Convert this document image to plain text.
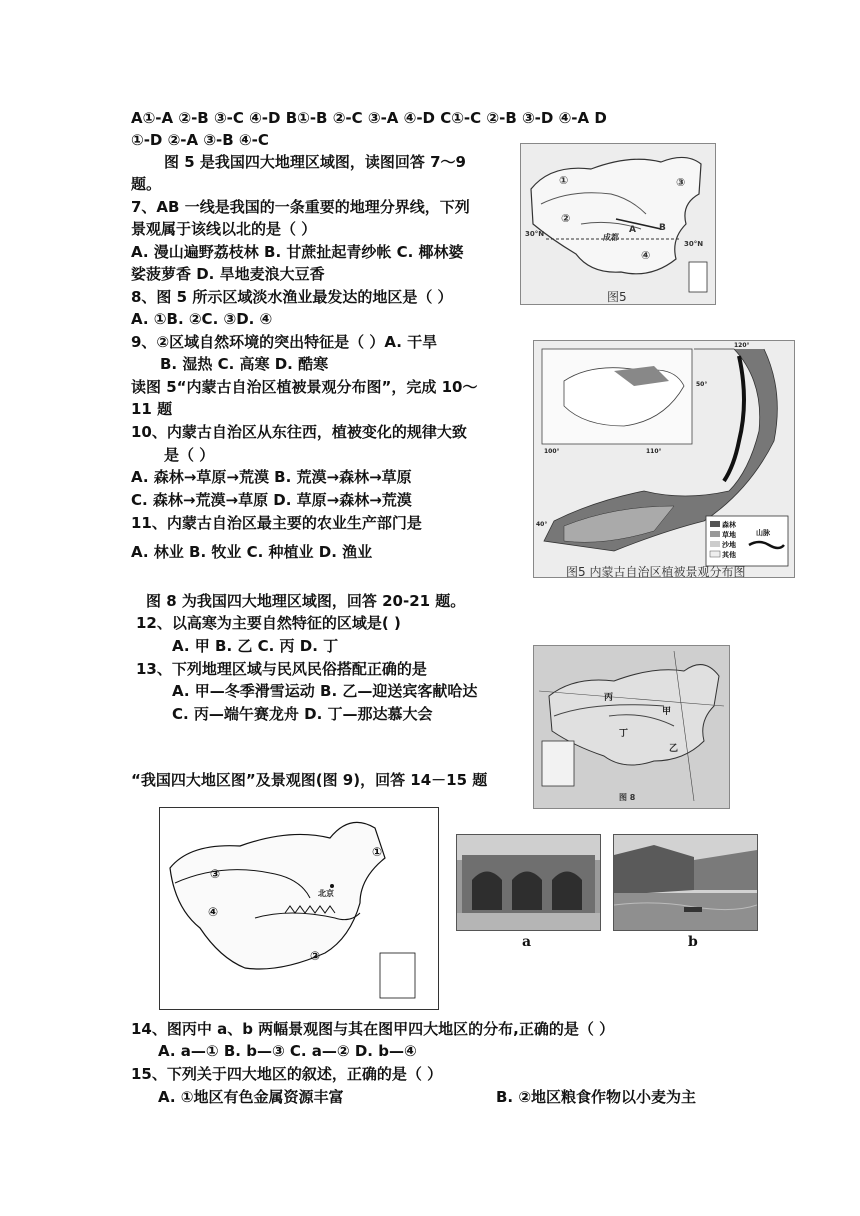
A①-A ②-B ③-C ④-D B①-B ②-C ③-A ④-D C①-C ②-B ③-D ④-A D
①-D ②-A ③-B ④-C
图 5 是我国四大地理区域图，读图回答 7～9
题。
7、AB 一线是我国的一条重要的地理分界线，下列
景观属于该线以北的是（ ）
A. 漫山遍野荔枝林 B. 甘蔗扯起青纱帐 C. 椰林婆
娑菠萝香 D. 旱地麦浪大豆香
8、图 5 所示区域淡水渔业最发达的地区是（ ）
A. ①B. ②C. ③D. ④
9、②区域自然环境的突出特征是（ ）A. 干旱
B. 湿热 C. 高寒 D. 酷寒
读图 5“内蒙古自治区植被景观分布图”，完成 10～
11 题
10、内蒙古自治区从东往西，植被变化的规律大致
是（ ）
A. 森林→草原→荒漠 B. 荒漠→森林→草原
C. 森林→荒漠→草原 D. 草原→森林→荒漠
11、内蒙古自治区最主要的农业生产部门是
A. 林业 B. 牧业 C. 种植业 D. 渔业
图 8 为我国四大地理区域图，回答 20-21 题。
12、以高寒为主要自然特征的区域是( )
A. 甲 B. 乙 C. 丙 D. 丁
13、下列地理区域与民风民俗搭配正确的是
A. 甲—冬季滑雪运动 B. 乙—迎送宾客献哈达
C. 丙—端午赛龙舟 D. 丁—那达慕大会
“我国四大地区图”及景观图(图 9)，回答 14－15 题
14、图丙中 a、b 两幅景观图与其在图甲四大地区的分布,正确的是（ ）
A. a—① B. b—③ C. a—② D. b—④
15、下列关于四大地区的叙述，正确的是（ ）
A. ①地区有色金属资源丰富	B. ②地区粮食作物以小麦为主
①
②
③
④
成都
A	B
30°N
30°N
图5
森林
草地
沙地
其他
山脉
120°
50°
100°	110°
40°
图5 内蒙古自治区植被景观分布图
丙
甲
丁
乙
图 8
①
③
④
②
北京
a	b
